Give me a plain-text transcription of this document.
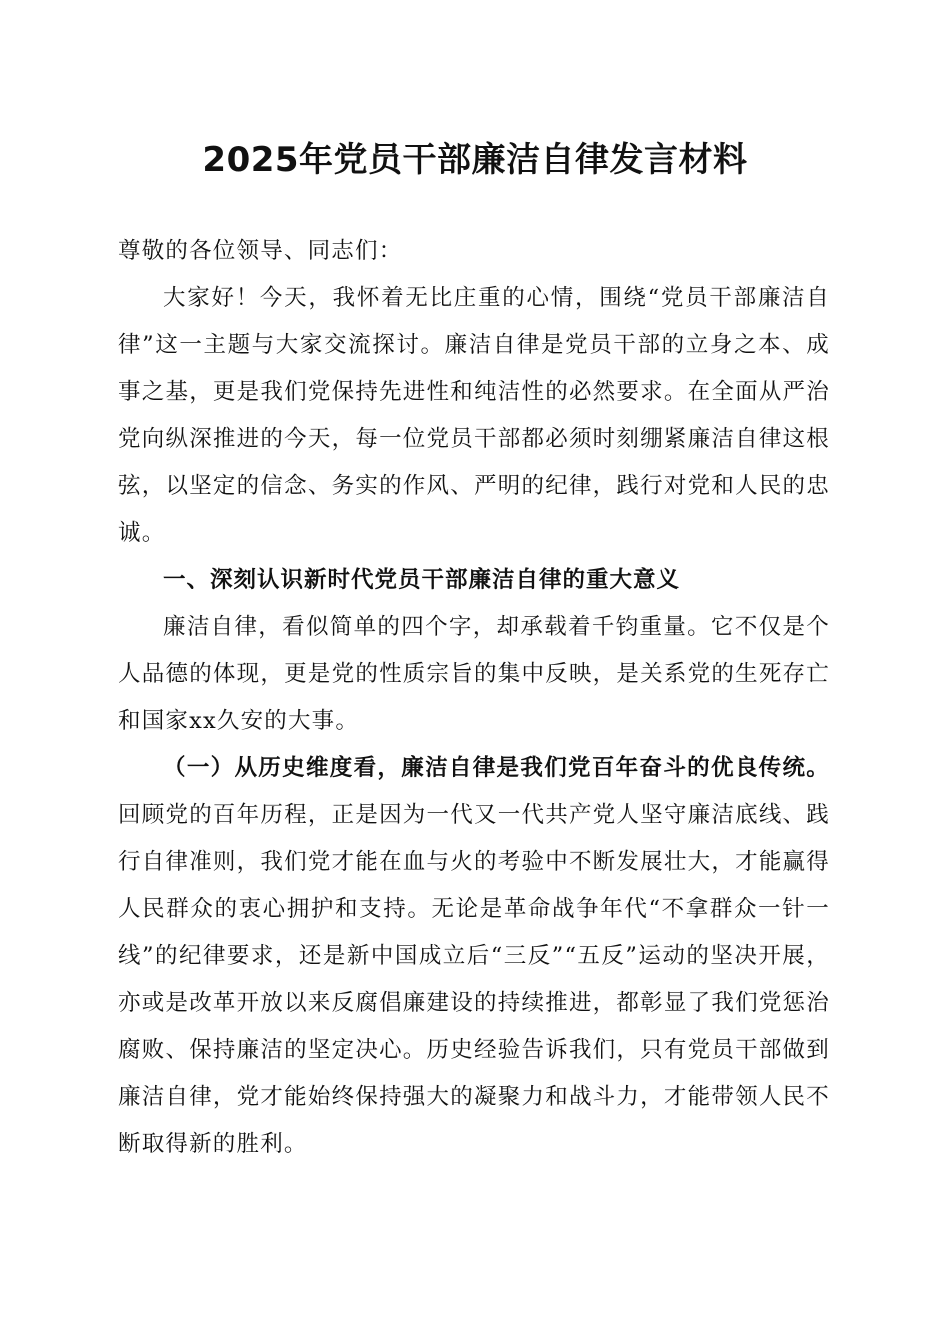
2025年党员干部廉洁自律发言材料

尊敬的各位领导、同志们：

大家好！今天，我怀着无比庄重的心情，围绕“党员干部廉洁自律”这一主题与大家交流探讨。廉洁自律是党员干部的立身之本、成事之基，更是我们党保持先进性和纯洁性的必然要求。在全面从严治党向纵深推进的今天，每一位党员干部都必须时刻绷紧廉洁自律这根弦，以坚定的信念、务实的作风、严明的纪律，践行对党和人民的忠诚。

一、深刻认识新时代党员干部廉洁自律的重大意义

廉洁自律，看似简单的四个字，却承载着千钧重量。它不仅是个人品德的体现，更是党的性质宗旨的集中反映，是关系党的生死存亡和国家xx久安的大事。

（一）从历史维度看，廉洁自律是我们党百年奋斗的优良传统。回顾党的百年历程，正是因为一代又一代共产党人坚守廉洁底线、践行自律准则，我们党才能在血与火的考验中不断发展壮大，才能赢得人民群众的衷心拥护和支持。无论是革命战争年代“不拿群众一针一线”的纪律要求，还是新中国成立后“三反”“五反”运动的坚决开展，亦或是改革开放以来反腐倡廉建设的持续推进，都彰显了我们党惩治腐败、保持廉洁的坚定决心。历史经验告诉我们，只有党员干部做到廉洁自律，党才能始终保持强大的凝聚力和战斗力，才能带领人民不断取得新的胜利。
